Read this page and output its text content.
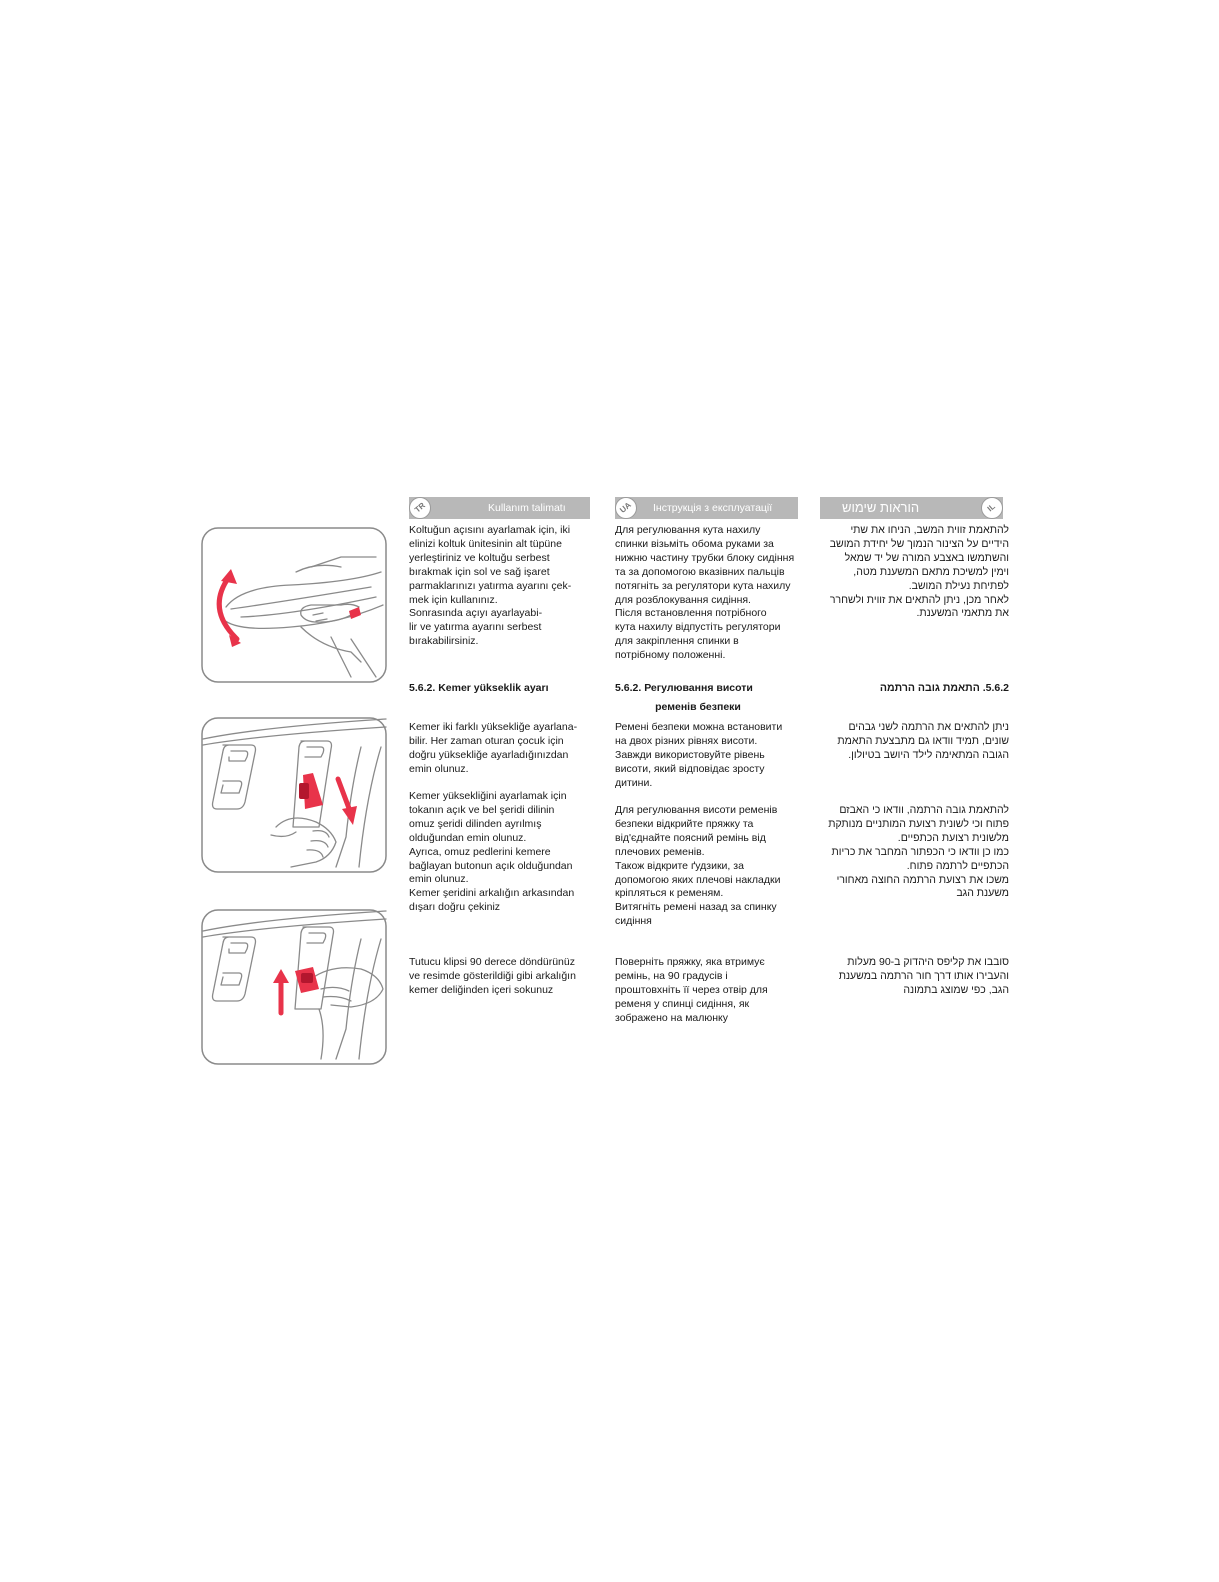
TR	Kullanım talimatı	UA	Інструкція з експлуатації	הוראות שימוש	IL

Koltuğun açısını ayarlamak için, iki
elinizi koltuk ünitesinin alt tüpüne
yerleştiriniz ve koltuğu serbest
bırakmak için sol ve sağ işaret
parmaklarınızı yatırma ayarını çek-
mek için kullanınız.
Sonrasında açıyı ayarlayabi-
lir ve yatırma ayarını serbest
bırakabilirsiniz.

5.6.2. Kemer yükseklik ayarı

Kemer iki farklı yüksekliğe ayarlana-
bilir. Her zaman oturan çocuk için
doğru yüksekliğe ayarladığınızdan
emin olunuz.

Kemer yüksekliğini ayarlamak için
tokanın açık ve bel şeridi dilinin
omuz şeridi dilinden ayrılmış
olduğundan emin olunuz.
Ayrıca, omuz pedlerini kemere
bağlayan butonun açık olduğundan
emin olunuz.
Kemer şeridini arkalığın arkasından
dışarı doğru çekiniz

Tutucu klipsi 90 derece döndürünüz
ve resimde gösterildiği gibi arkalığın
kemer deliğinden içeri sokunuz

Для регулювання кута нахилу
спинки візьміть обома руками за
нижню частину трубки блоку сидіння
та за допомогою вказівних пальців
потягніть за регулятори кута нахилу
для розблокування сидіння.
Після встановлення потрібного
кута нахилу відпустіть регулятори
для закріплення спинки в
потрібному положенні.

5.6.2. Регулювання висоти
ременів безпеки

Ремені безпеки можна встановити
на двох різних рівнях висоти.
Завжди використовуйте рівень
висоти, який відповідає зросту
дитини.

Для регулювання висоти ременів
безпеки відкрийте пряжку та
від'єднайте поясний ремінь від
плечових ременів.
Також відкрите ґудзики, за
допомогою яких плечові накладки
кріпляться к ременям.
Витягніть ремені назад за спинку
сидіння

Поверніть пряжку, яка втримує
ремінь, на 90 градусів і
проштовхніть її через отвір для
ременя у спинці сидіння, як
зображено на малюнку

להתאמת זווית המשב, הניחו את שתי
הידיים על הצינור הנמוך של יחידת המושב
והשתמשו באצבע המורה של יד שמאל
וימין למשיכת מתאם המשענת מטה,
לפתיחת נעילת המושב.
לאחר מכן, ניתן להתאים את זווית ולשחרר
את מתאמי המשענת.

5.6.2. התאמת גובה הרתמה

ניתן להתאים את הרתמה לשני גבהים
שונים, תמיד וודאו גם מתבצעת התאמת
הגובה המתאימה לילד היושב בטיולון.

להתאמת גובה הרתמה, וודאו כי האבזם
פתוח וכי לשונית רצועת המותניים מנותקת
מלשונית רצועת הכתפיים.
כמו כן וודאו כי הכפתור המחבר את כריות
הכתפיים לרתמה פתוח.
משכו את רצועת הרתמה החוצה מאחורי
משענת הגב

סובבו את קליפס היהדוק ב-90 מעלות
והעבירו אותו דרך חור הרתמה במשענת
הגב, כפי שמוצג בתמונה
